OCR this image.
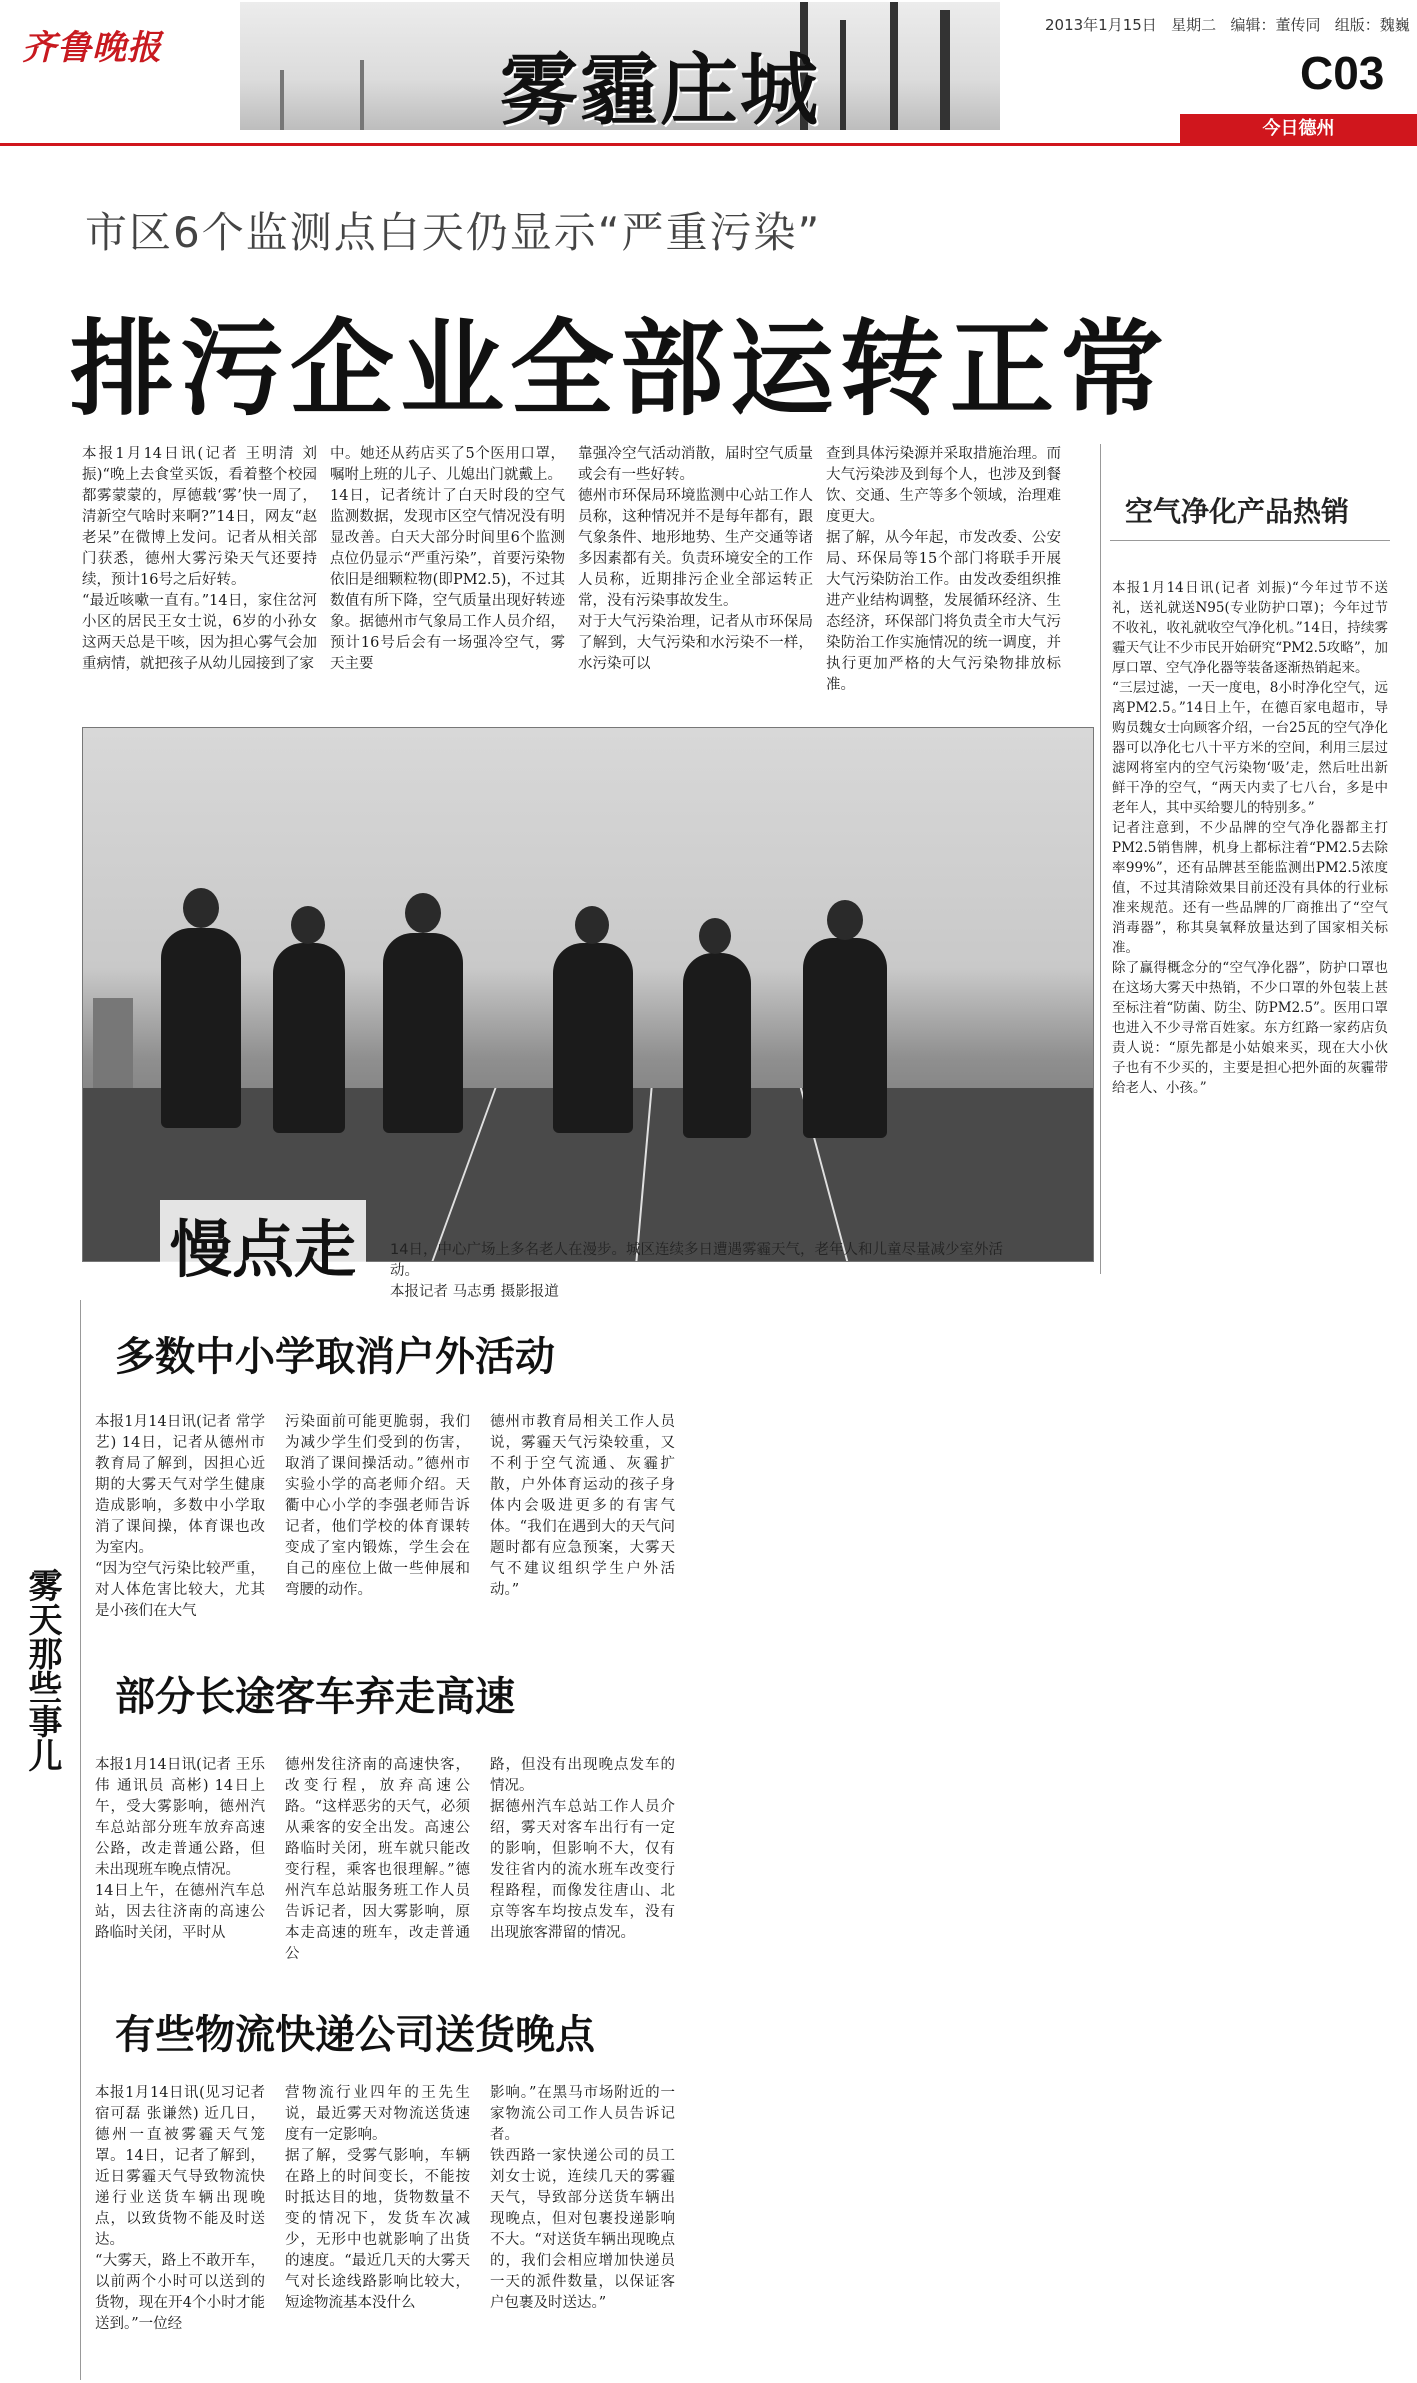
齐鲁晚报	雾霾庄城
2013年1月15日 星期二 编辑：董传同 组版：魏巍
C03
今日德州
市区6个监测点白天仍显示“严重污染”
排污企业全部运转正常
本报1月14日讯(记者 王明清 刘振)“晚上去食堂买饭，看着整个校园都雾蒙蒙的，厚德载‘雾’快一周了，清新空气啥时来啊?”14日，网友“赵老呆”在微博上发问。记者从相关部门获悉，德州大雾污染天气还要持续，预计16号之后好转。
“最近咳嗽一直有。”14日，家住岔河小区的居民王女士说，6岁的小孙女这两天总是干咳，因为担心雾气会加重病情，就把孩子从幼儿园接到了家
中。她还从药店买了5个医用口罩，嘱咐上班的儿子、儿媳出门就戴上。
14日，记者统计了白天时段的空气监测数据，发现市区空气情况没有明显改善。白天大部分时间里6个监测点位仍显示“严重污染”，首要污染物依旧是细颗粒物(即PM2.5)，不过其数值有所下降，空气质量出现好转迹象。据德州市气象局工作人员介绍，预计16号后会有一场强冷空气，雾天主要
靠强冷空气活动消散，届时空气质量或会有一些好转。
德州市环保局环境监测中心站工作人员称，这种情况并不是每年都有，跟气象条件、地形地势、生产交通等诸多因素都有关。负责环境安全的工作人员称，近期排污企业全部运转正常，没有污染事故发生。
对于大气污染治理，记者从市环保局了解到，大气污染和水污染不一样，水污染可以
查到具体污染源并采取措施治理。而大气污染涉及到每个人，也涉及到餐饮、交通、生产等多个领域，治理难度更大。
据了解，从今年起，市发改委、公安局、环保局等15个部门将联手开展大气污染防治工作。由发改委组织推进产业结构调整，发展循环经济、生态经济，环保部门将负责全市大气污染防治工作实施情况的统一调度，并执行更加严格的大气污染物排放标准。
空气净化产品热销
本报1月14日讯(记者 刘振)“今年过节不送礼，送礼就送N95(专业防护口罩)；今年过节不收礼，收礼就收空气净化机。”14日，持续雾霾天气让不少市民开始研究“PM2.5攻略”，加厚口罩、空气净化器等装备逐渐热销起来。
“三层过滤，一天一度电，8小时净化空气，远离PM2.5。”14日上午，在德百家电超市，导购员魏女士向顾客介绍，一台25瓦的空气净化器可以净化七八十平方米的空间，利用三层过滤网将室内的空气污染物‘吸’走，然后吐出新鲜干净的空气，“两天内卖了七八台，多是中老年人，其中买给婴儿的特别多。”
记者注意到，不少品牌的空气净化器都主打PM2.5销售牌，机身上都标注着“PM2.5去除率99%”，还有品牌甚至能监测出PM2.5浓度值，不过其清除效果目前还没有具体的行业标准来规范。还有一些品牌的厂商推出了“空气消毒器”，称其臭氧释放量达到了国家相关标准。
除了赢得概念分的“空气净化器”，防护口罩也在这场大雾天中热销，不少口罩的外包装上甚至标注着“防菌、防尘、防PM2.5”。医用口罩也进入不少寻常百姓家。东方红路一家药店负责人说：“原先都是小姑娘来买，现在大小伙子也有不少买的，主要是担心把外面的灰霾带给老人、小孩。”
慢点走	14日，中心广场上多名老人在漫步。城区连续多日遭遇雾霾天气，老年人和儿童尽量减少室外活动。
本报记者 马志勇 摄影报道
雾天那些事儿
多数中小学取消户外活动
本报1月14日讯(记者 常学艺) 14日，记者从德州市教育局了解到，因担心近期的大雾天气对学生健康造成影响，多数中小学取消了课间操，体育课也改为室内。
“因为空气污染比较严重，对人体危害比较大，尤其是小孩们在大气
污染面前可能更脆弱，我们为减少学生们受到的伤害，取消了课间操活动。”德州市实验小学的高老师介绍。天衢中心小学的李强老师告诉记者，他们学校的体育课转变成了室内锻炼，学生会在自己的座位上做一些伸展和弯腰的动作。
德州市教育局相关工作人员说，雾霾天气污染较重，又不利于空气流通、灰霾扩散，户外体育运动的孩子身体内会吸进更多的有害气体。“我们在遇到大的天气问题时都有应急预案，大雾天气不建议组织学生户外活动。”
部分长途客车弃走高速
本报1月14日讯(记者 王乐伟 通讯员 高彬) 14日上午，受大雾影响，德州汽车总站部分班车放弃高速公路，改走普通公路，但未出现班车晚点情况。
14日上午，在德州汽车总站，因去往济南的高速公路临时关闭，平时从
德州发往济南的高速快客，改变行程，放弃高速公路。“这样恶劣的天气，必须从乘客的安全出发。高速公路临时关闭，班车就只能改变行程，乘客也很理解。”德州汽车总站服务班工作人员告诉记者，因大雾影响，原本走高速的班车，改走普通公
路，但没有出现晚点发车的情况。
据德州汽车总站工作人员介绍，雾天对客车出行有一定的影响，但影响不大，仅有发往省内的流水班车改变行程路程，而像发往唐山、北京等客车均按点发车，没有出现旅客滞留的情况。
有些物流快递公司送货晚点
本报1月14日讯(见习记者 宿可磊 张谦然) 近几日，德州一直被雾霾天气笼罩。14日，记者了解到，近日雾霾天气导致物流快递行业送货车辆出现晚点，以致货物不能及时送达。
“大雾天，路上不敢开车，以前两个小时可以送到的货物，现在开4个小时才能送到。”一位经
营物流行业四年的王先生说，最近雾天对物流送货速度有一定影响。
据了解，受雾气影响，车辆在路上的时间变长，不能按时抵达目的地，货物数量不变的情况下，发货车次减少，无形中也就影响了出货的速度。“最近几天的大雾天气对长途线路影响比较大，短途物流基本没什么
影响。”在黑马市场附近的一家物流公司工作人员告诉记者。
铁西路一家快递公司的员工刘女士说，连续几天的雾霾天气，导致部分送货车辆出现晚点，但对包裹投递影响不大。“对送货车辆出现晚点的，我们会相应增加快递员一天的派件数量，以保证客户包裹及时送达。”
